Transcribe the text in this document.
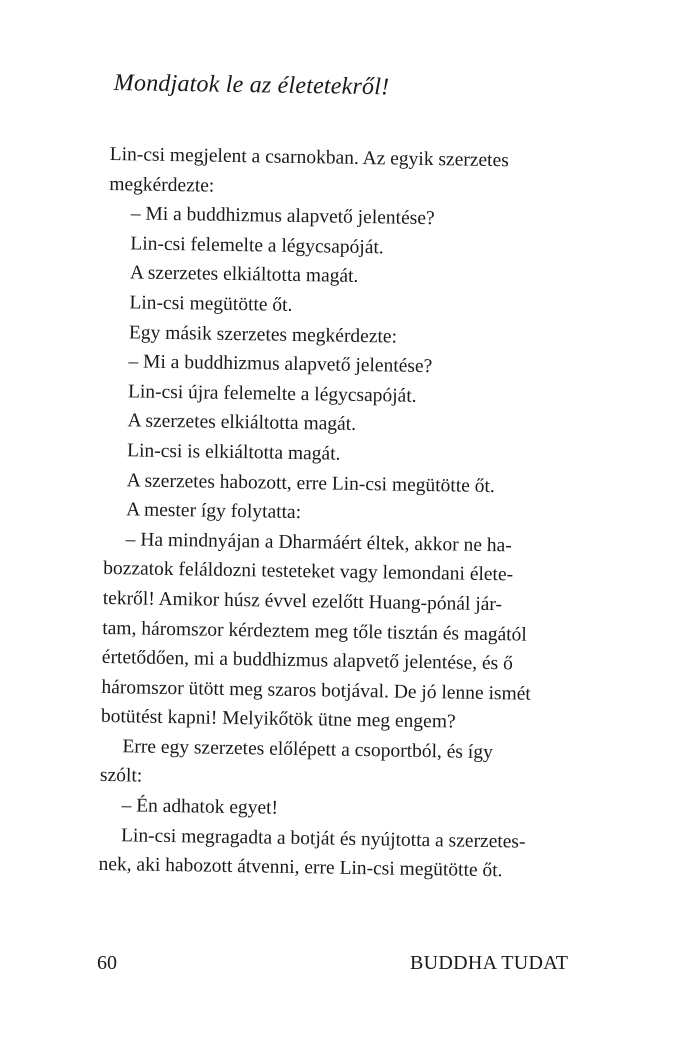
Mondjatok le az életetekről!
Lin-csi megjelent a csarnokban. Az egyik szerzetes
megkérdezte:
– Mi a buddhizmus alapvető jelentése?
Lin-csi felemelte a légycsapóját.
A szerzetes elkiáltotta magát.
Lin-csi megütötte őt.
Egy másik szerzetes megkérdezte:
– Mi a buddhizmus alapvető jelentése?
Lin-csi újra felemelte a légycsapóját.
A szerzetes elkiáltotta magát.
Lin-csi is elkiáltotta magát.
A szerzetes habozott, erre Lin-csi megütötte őt.
A mester így folytatta:
– Ha mindnyájan a Dharmáért éltek, akkor ne ha-
bozzatok feláldozni testeteket vagy lemondani élete-
tekről! Amikor húsz évvel ezelőtt Huang-pónál jár-
tam, háromszor kérdeztem meg tőle tisztán és magától
értetődően, mi a buddhizmus alapvető jelentése, és ő
háromszor ütött meg szaros botjával. De jó lenne ismét
botütést kapni! Melyikőtök ütne meg engem?
Erre egy szerzetes előlépett a csoportból, és így
szólt:
– Én adhatok egyet!
Lin-csi megragadta a botját és nyújtotta a szerzetes-
nek, aki habozott átvenni, erre Lin-csi megütötte őt.
60	BUDDHA TUDAT
